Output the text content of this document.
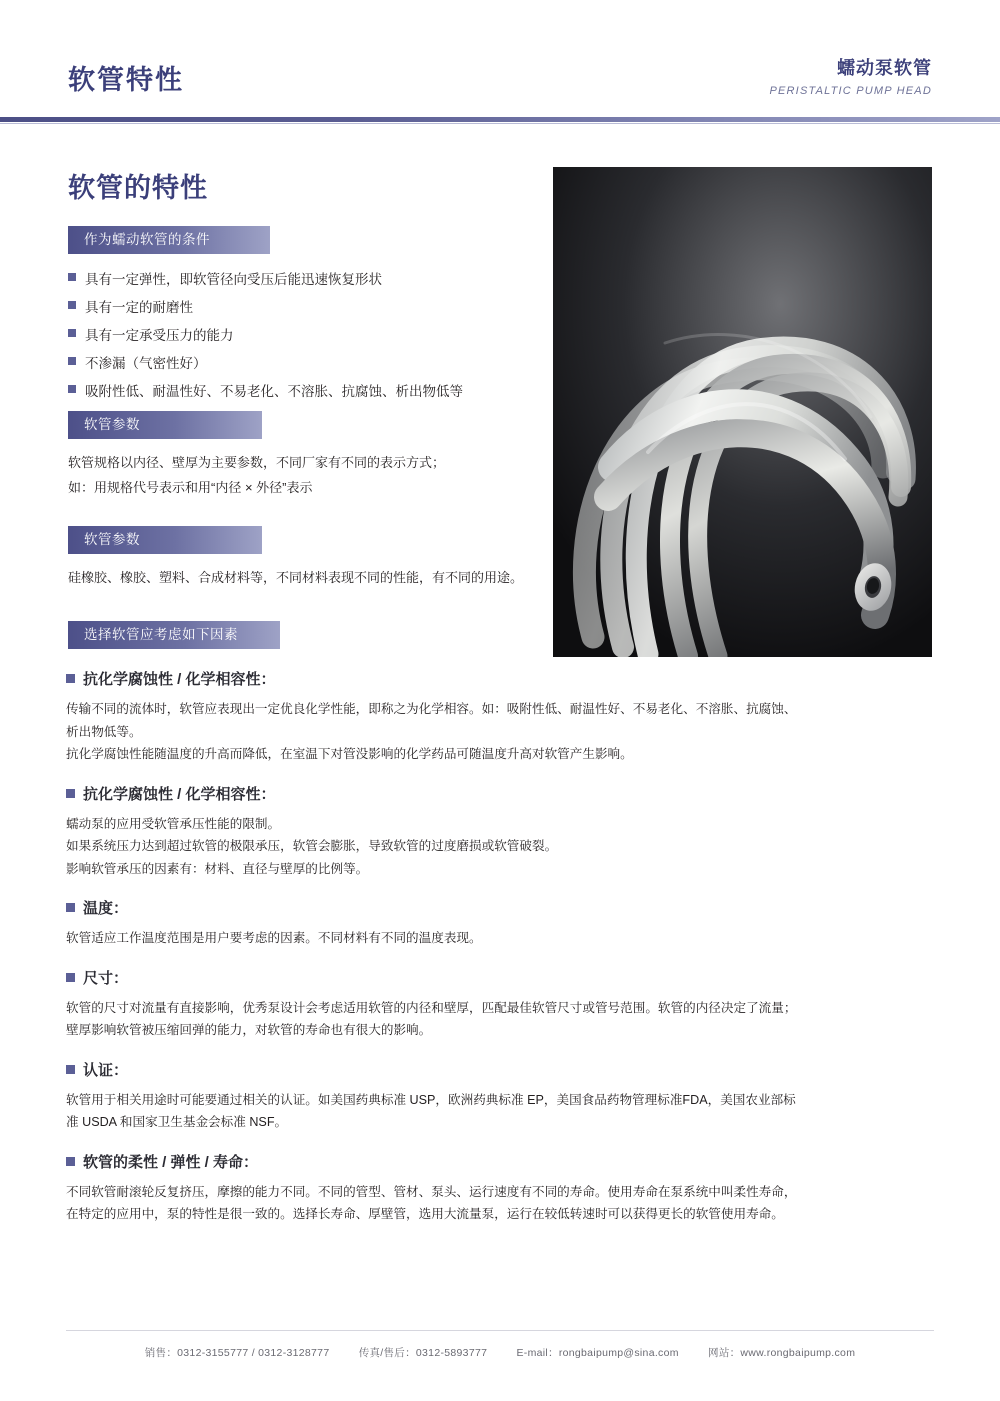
软管特性	蠕动泵软管
PERISTALTIC PUMP HEAD
软管的特性
作为蠕动软管的条件
具有一定弹性，即软管径向受压后能迅速恢复形状
具有一定的耐磨性
具有一定承受压力的能力
不渗漏（气密性好）
吸附性低、耐温性好、不易老化、不溶胀、抗腐蚀、析出物低等
软管参数
软管规格以内径、壁厚为主要参数，不同厂家有不同的表示方式；
如：用规格代号表示和用“内径 × 外径”表示
软管参数
硅橡胶、橡胶、塑料、合成材料等，不同材料表现不同的性能，有不同的用途。
选择软管应考虑如下因素
抗化学腐蚀性 / 化学相容性：

传输不同的流体时，软管应表现出一定优良化学性能，即称之为化学相容。如：吸附性低、耐温性好、不易老化、不溶胀、抗腐蚀、

析出物低等。

抗化学腐蚀性能随温度的升高而降低，在室温下对管没影响的化学药品可随温度升高对软管产生影响。

抗化学腐蚀性 / 化学相容性：

蠕动泵的应用受软管承压性能的限制。

如果系统压力达到超过软管的极限承压，软管会膨胀，导致软管的过度磨损或软管破裂。

影响软管承压的因素有：材料、直径与壁厚的比例等。

温度：

软管适应工作温度范围是用户要考虑的因素。不同材料有不同的温度表现。

尺寸：

软管的尺寸对流量有直接影响，优秀泵设计会考虑适用软管的内径和壁厚，匹配最佳软管尺寸或管号范围。软管的内径决定了流量；

壁厚影响软管被压缩回弹的能力，对软管的寿命也有很大的影响。

认证：

软管用于相关用途时可能要通过相关的认证。如美国药典标准 USP，欧洲药典标准 EP，美国食品药物管理标准FDA，美国农业部标

准 USDA 和国家卫生基金会标准 NSF。

软管的柔性 / 弹性 / 寿命：

不同软管耐滚轮反复挤压，摩擦的能力不同。不同的管型、管材、泵头、运行速度有不同的寿命。使用寿命在泵系统中叫柔性寿命，

在特定的应用中，泵的特性是很一致的。选择长寿命、厚壁管，选用大流量泵，运行在较低转速时可以获得更长的软管使用寿命。

销售：0312-3155777 / 0312-3128777	传真/售后：0312-5893777	E-mail：rongbaipump@sina.com	网站：www.rongbaipump.com
